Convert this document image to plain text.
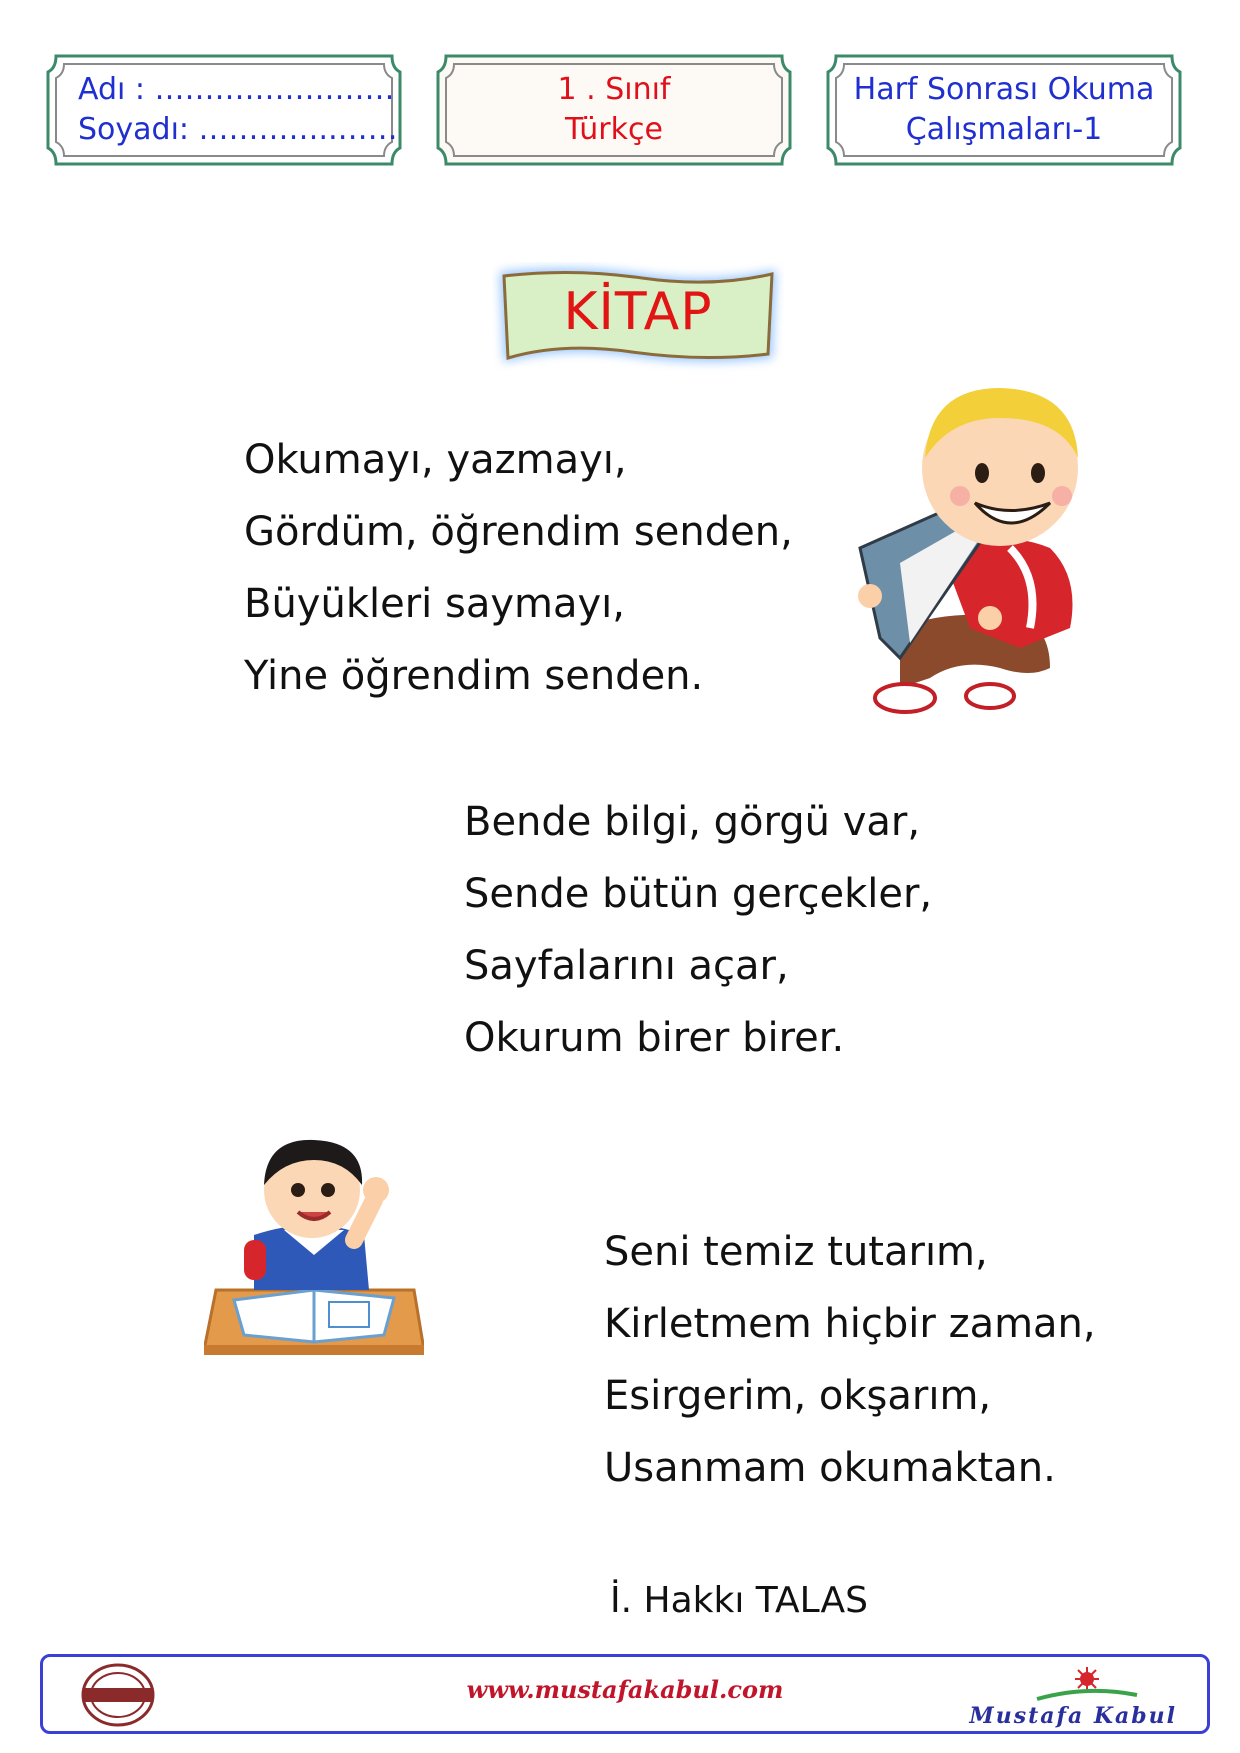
Adı : ……………………
Soyadı: …………..……
1 . Sınıf
Türkçe
Harf Sonrası Okuma
Çalışmaları-1
KİTAP
Okumayı, yazmayı,
Gördüm, öğrendim senden,
Büyükleri saymayı,
Yine öğrendim senden.
Bende bilgi, görgü var,
Sende bütün gerçekler,
Sayfalarını açar,
Okurum birer birer.
Seni temiz tutarım,
Kirletmem hiçbir zaman,
Esirgerim, okşarım,
Usanmam okumaktan.
İ. Hakkı TALAS
www.mustafakabul.com
Mustafa Kabul
